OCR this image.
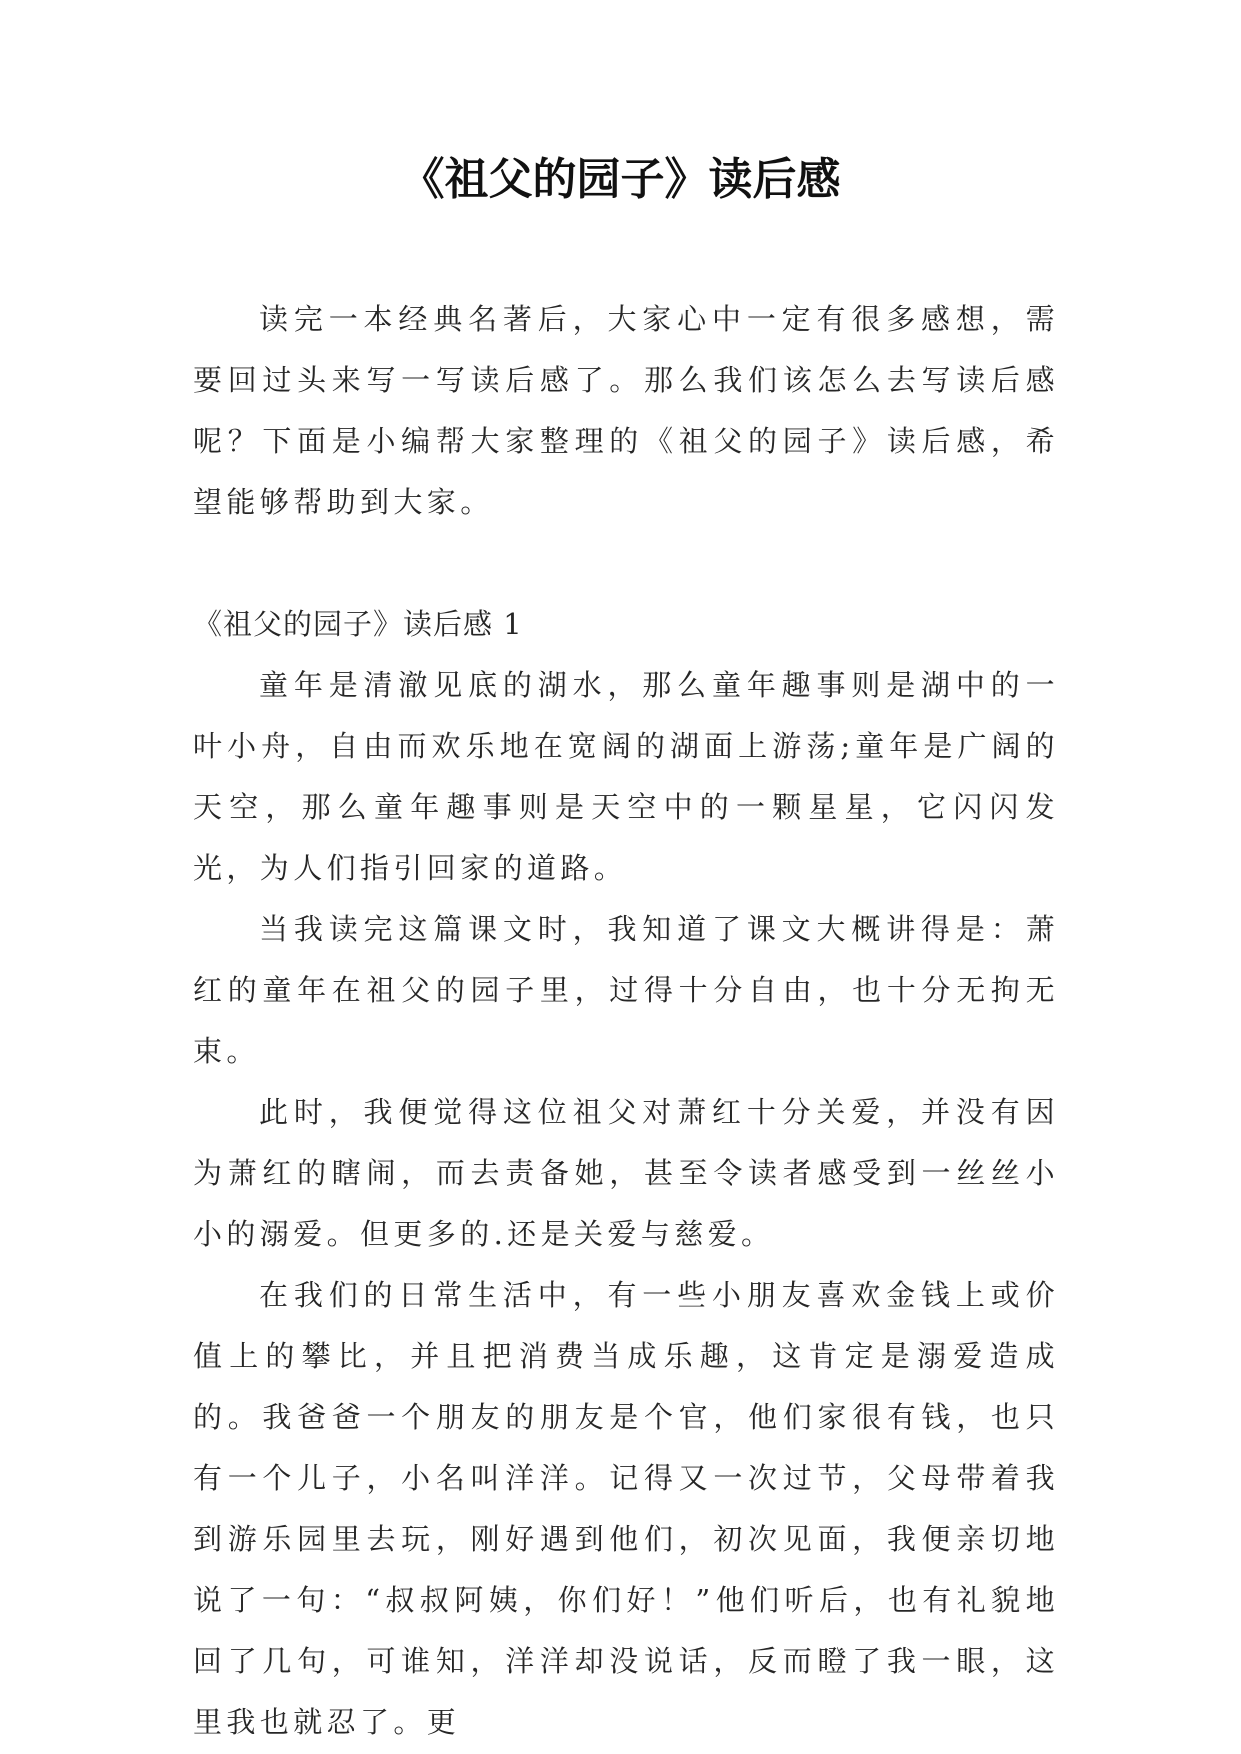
《祖父的园子》读后感

读完一本经典名著后，大家心中一定有很多感想，需要回过头来写一写读后感了。那么我们该怎么去写读后感呢？下面是小编帮大家整理的《祖父的园子》读后感，希望能够帮助到大家。

《祖父的园子》读后感 1

童年是清澈见底的湖水，那么童年趣事则是湖中的一叶小舟，自由而欢乐地在宽阔的湖面上游荡;童年是广阔的天空，那么童年趣事则是天空中的一颗星星，它闪闪发光，为人们指引回家的道路。

当我读完这篇课文时，我知道了课文大概讲得是：萧红的童年在祖父的园子里，过得十分自由，也十分无拘无束。

此时，我便觉得这位祖父对萧红十分关爱，并没有因为萧红的瞎闹，而去责备她，甚至令读者感受到一丝丝小小的溺爱。但更多的.还是关爱与慈爱。

在我们的日常生活中，有一些小朋友喜欢金钱上或价值上的攀比，并且把消费当成乐趣，这肯定是溺爱造成的。我爸爸一个朋友的朋友是个官，他们家很有钱，也只有一个儿子，小名叫洋洋。记得又一次过节，父母带着我到游乐园里去玩，刚好遇到他们，初次见面，我便亲切地说了一句：“叔叔阿姨，你们好！”他们听后，也有礼貌地回了几句，可谁知，洋洋却没说话，反而瞪了我一眼，这里我也就忍了。更
